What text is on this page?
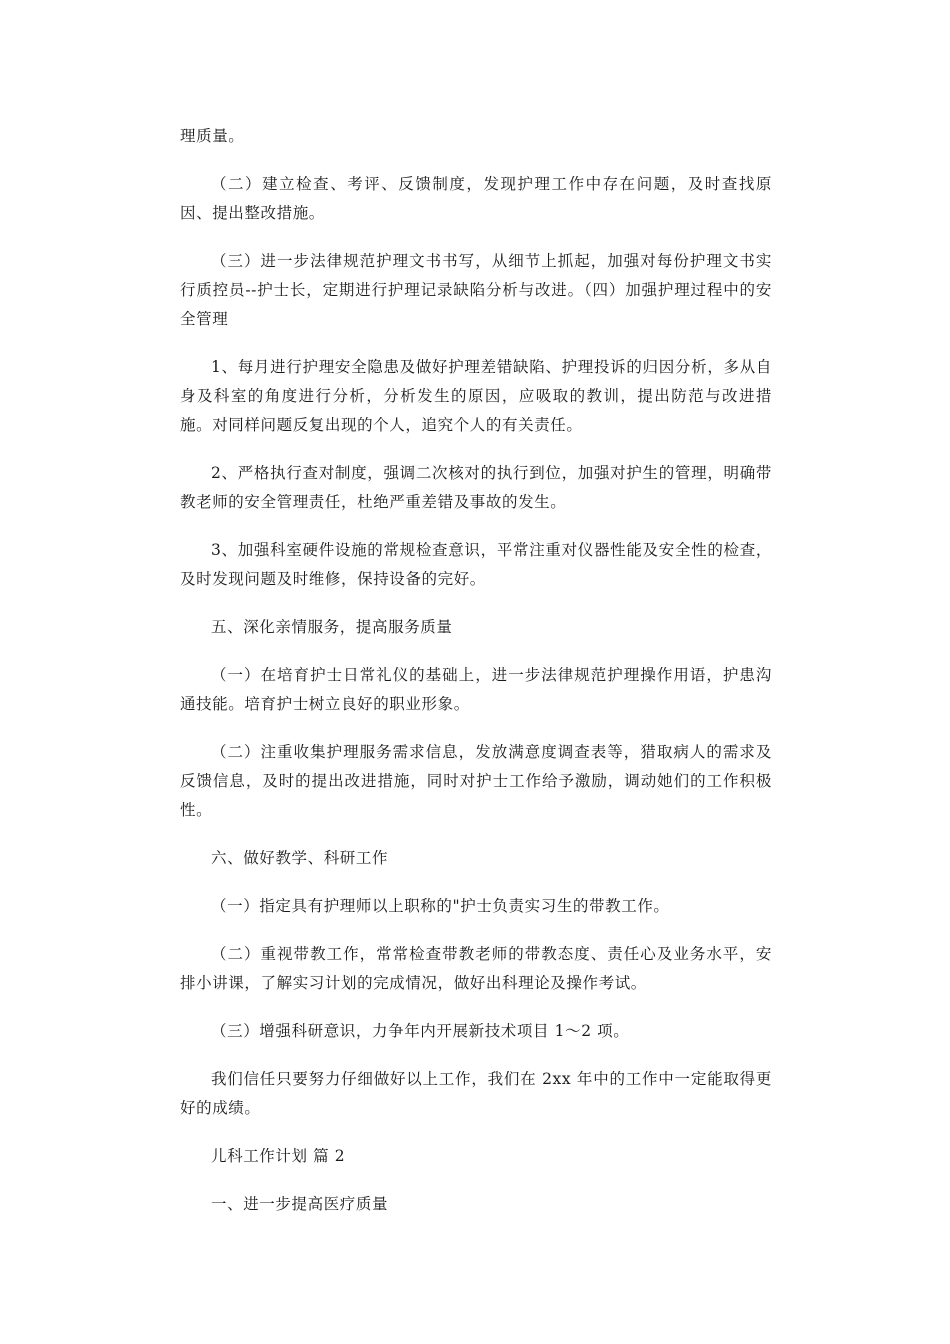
理质量。

（二）建立检查、考评、反馈制度，发现护理工作中存在问题，及时查找原因、提出整改措施。

（三）进一步法律规范护理文书书写，从细节上抓起，加强对每份护理文书实行质控员--护士长，定期进行护理记录缺陷分析与改进。（四）加强护理过程中的安全管理

1、每月进行护理安全隐患及做好护理差错缺陷、护理投诉的归因分析，多从自身及科室的角度进行分析，分析发生的原因，应吸取的教训，提出防范与改进措施。对同样问题反复出现的个人，追究个人的有关责任。

2、严格执行查对制度，强调二次核对的执行到位，加强对护生的管理，明确带教老师的安全管理责任，杜绝严重差错及事故的发生。

3、加强科室硬件设施的常规检查意识，平常注重对仪器性能及安全性的检查，及时发现问题及时维修，保持设备的完好。

五、深化亲情服务，提高服务质量

（一）在培育护士日常礼仪的基础上，进一步法律规范护理操作用语，护患沟通技能。培育护士树立良好的职业形象。

（二）注重收集护理服务需求信息，发放满意度调查表等，猎取病人的需求及反馈信息，及时的提出改进措施，同时对护士工作给予激励，调动她们的工作积极性。

六、做好教学、科研工作

（一）指定具有护理师以上职称的"护士负责实习生的带教工作。

（二）重视带教工作，常常检查带教老师的带教态度、责任心及业务水平，安排小讲课，了解实习计划的完成情况，做好出科理论及操作考试。

（三）增强科研意识，力争年内开展新技术项目 1～2 项。

我们信任只要努力仔细做好以上工作，我们在 2xx 年中的工作中一定能取得更好的成绩。

儿科工作计划 篇 2

一、进一步提高医疗质量
